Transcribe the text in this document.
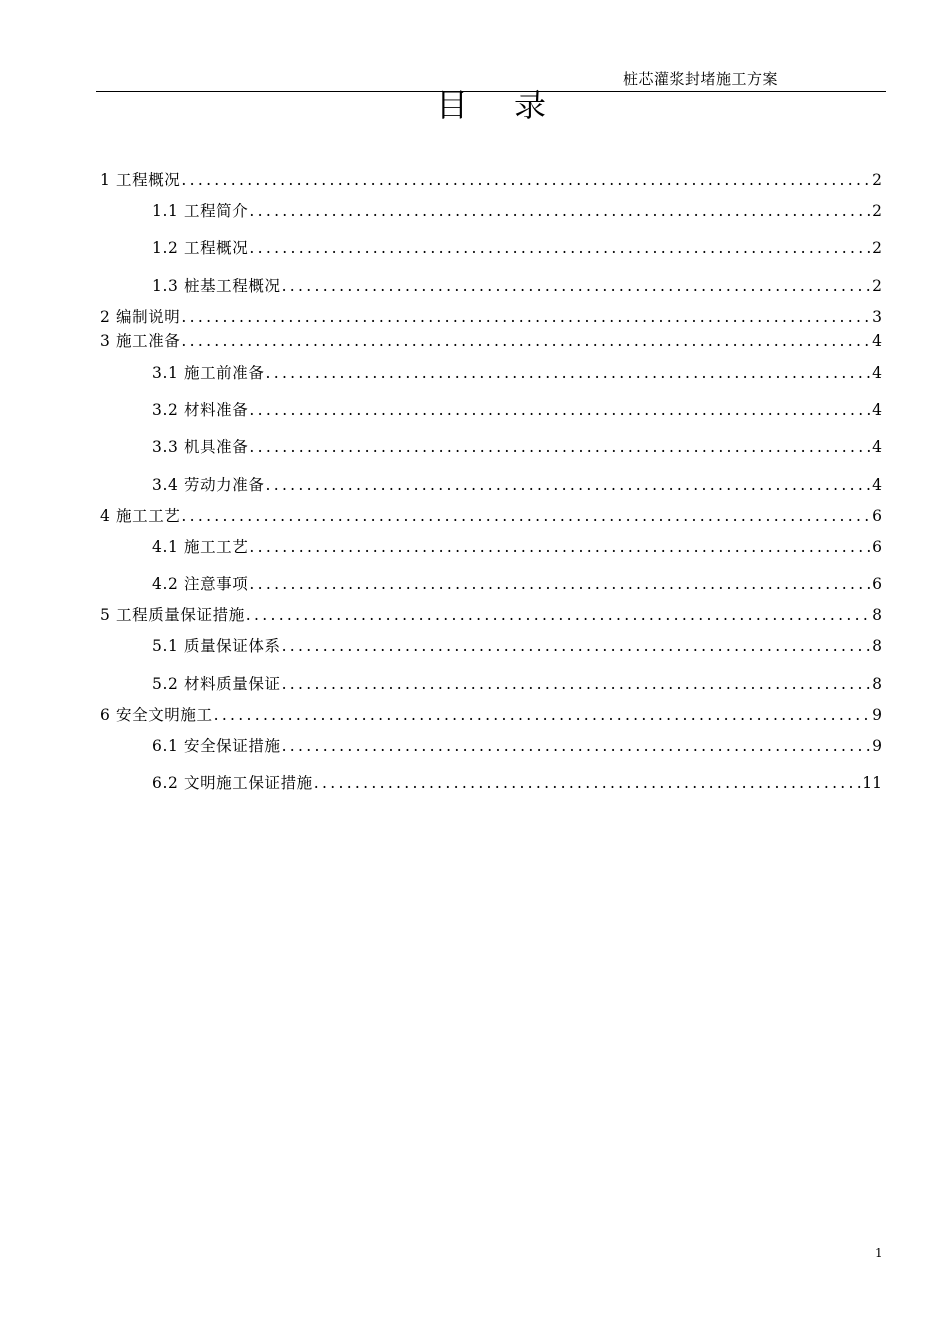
桩芯灌浆封堵施工方案
目录
1 工程概况 .....	2
1.1 工程简介 .....	2
1.2 工程概况 .....	2
1.3 桩基工程概况 .....	2
2 编制说明 .....	3
3 施工准备 .....	4
3.1 施工前准备 .....	4
3.2 材料准备 .....	4
3.3 机具准备 .....	4
3.4 劳动力准备 .....	4
4 施工工艺 .....	6
4.1 施工工艺 .....	6
4.2 注意事项 .....	6
5 工程质量保证措施 .....	8
5.1 质量保证体系 .....	8
5.2 材料质量保证 .....	8
6 安全文明施工 .....	9
6.1 安全保证措施 .....	9
6.2 文明施工保证措施 .....	11
1
